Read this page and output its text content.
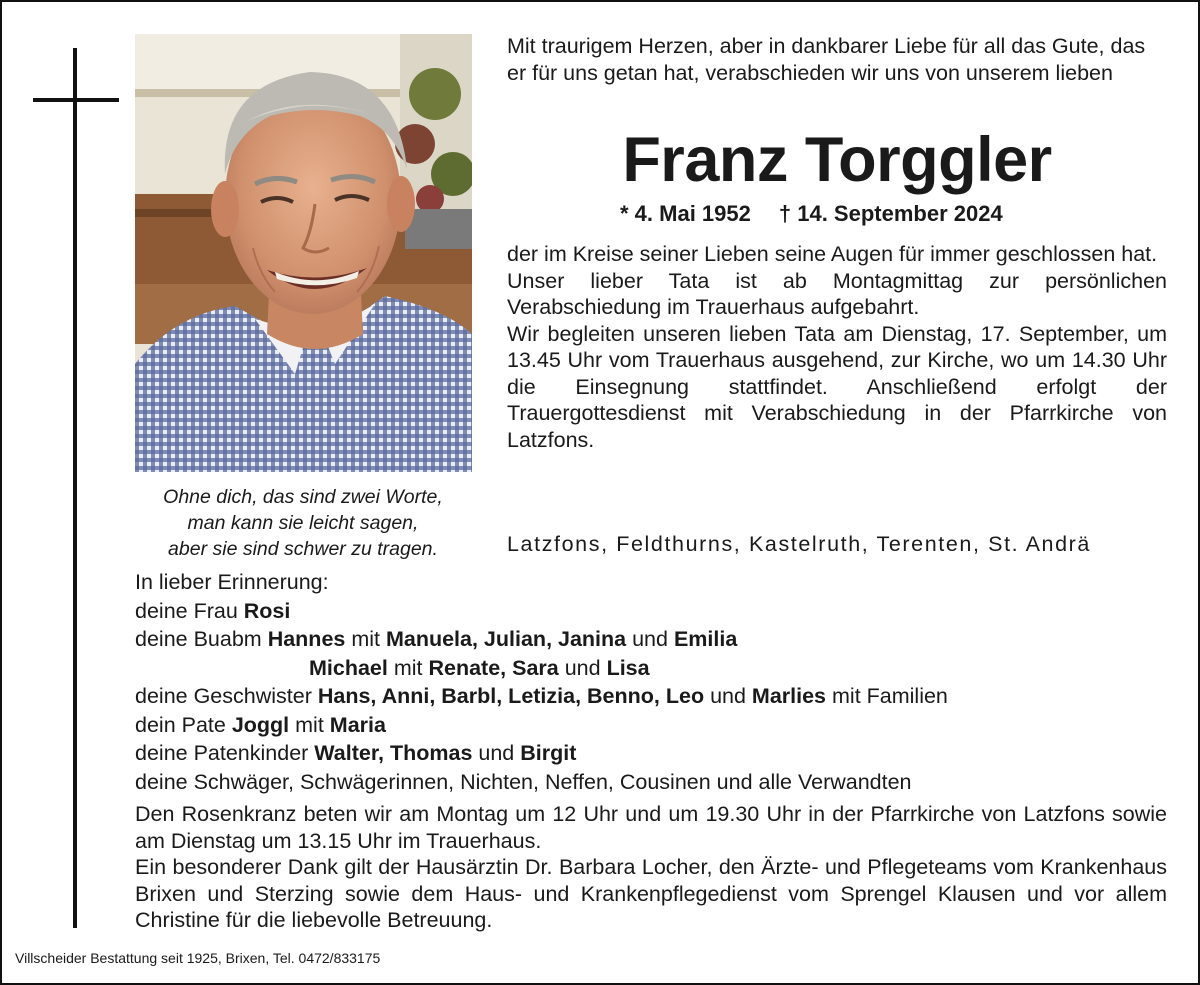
Ohne dich, das sind zwei Worte,
man kann sie leicht sagen,
aber sie sind schwer zu tragen.
Mit traurigem Herzen, aber in dankbarer Liebe für all das Gute, das er für uns getan hat, verabschieden wir uns von unserem lieben
Franz Torggler
* 4. Mai 1952 † 14. September 2024

der im Kreise seiner Lieben seine Augen für immer geschlossen hat.

Unser lieber Tata ist ab Montagmittag zur persönlichen Verabschiedung im Trauerhaus aufgebahrt.

Wir begleiten unseren lieben Tata am Dienstag, 17. September, um 13.45 Uhr vom Trauerhaus ausgehend, zur Kirche, wo um 14.30 Uhr die Einsegnung stattfindet. Anschließend erfolgt der Trauergottesdienst mit Verabschiedung in der Pfarrkirche von Latzfons.

Latzfons, Feldthurns, Kastelruth, Terenten, St. Andrä
In lieber Erinnerung:
deine Frau Rosi
deine Buabm Hannes mit Manuela, Julian, Janina und Emilia
Michael mit Renate, Sara und Lisa
deine Geschwister Hans, Anni, Barbl, Letizia, Benno, Leo und Marlies mit Familien
dein Pate Joggl mit Maria
deine Patenkinder Walter, Thomas und Birgit
deine Schwäger, Schwägerinnen, Nichten, Neffen, Cousinen und alle Verwandten

Den Rosenkranz beten wir am Montag um 12 Uhr und um 19.30 Uhr in der Pfarrkirche von Latzfons sowie am Dienstag um 13.15 Uhr im Trauerhaus.

Ein besonderer Dank gilt der Hausärztin Dr. Barbara Locher, den Ärzte- und Pflegeteams vom Krankenhaus Brixen und Sterzing sowie dem Haus- und Krankenpflegedienst vom Sprengel Klausen und vor allem Christine für die liebevolle Betreuung.

Villscheider Bestattung seit 1925, Brixen, Tel. 0472/833175
